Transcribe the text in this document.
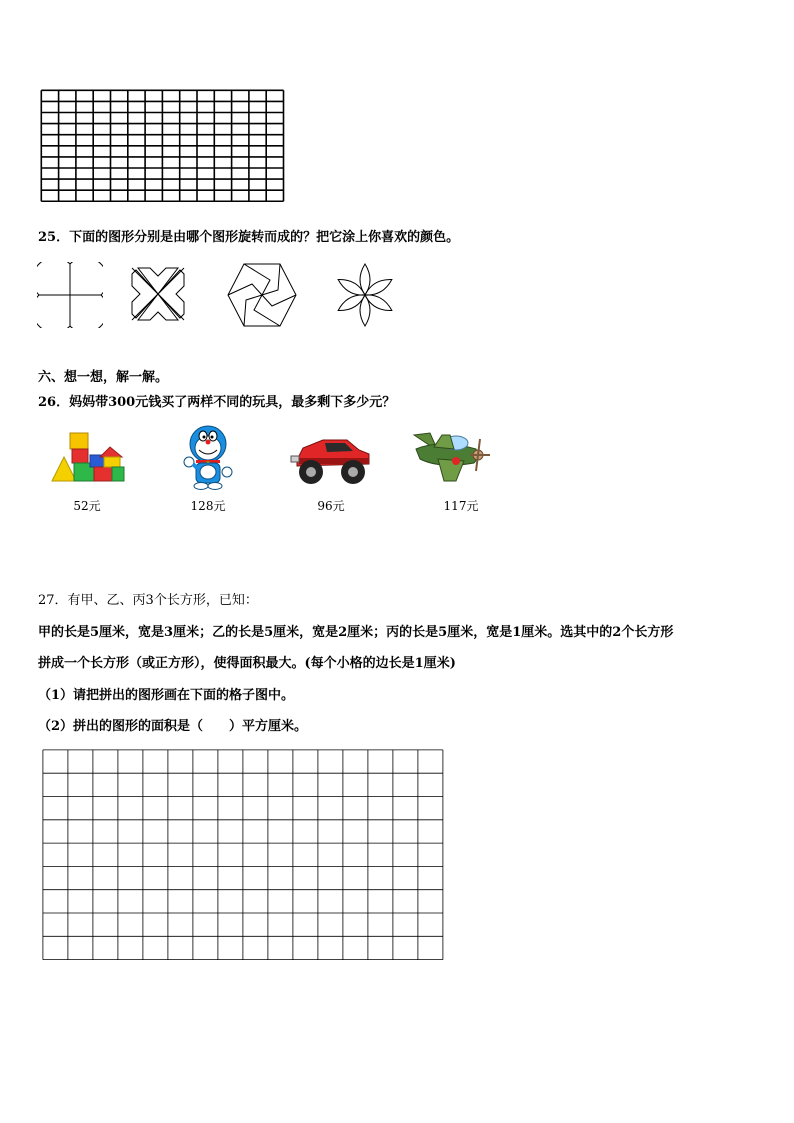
25．下面的图形分别是由哪个图形旋转而成的？把它涂上你喜欢的颜色。
六、想一想，解一解。
26．妈妈带300元钱买了两样不同的玩具，最多剩下多少元？
52元	128元	96元	117元
27．有甲、乙、丙3个长方形，已知：
甲的长是5厘米，宽是3厘米；乙的长是5厘米，宽是2厘米；丙的长是5厘米，宽是1厘米。选其中的2个长方形
拼成一个长方形（或正方形），使得面积最大。(每个小格的边长是1厘米)
（1）请把拼出的图形画在下面的格子图中。
（2）拼出的图形的面积是（　　）平方厘米。
